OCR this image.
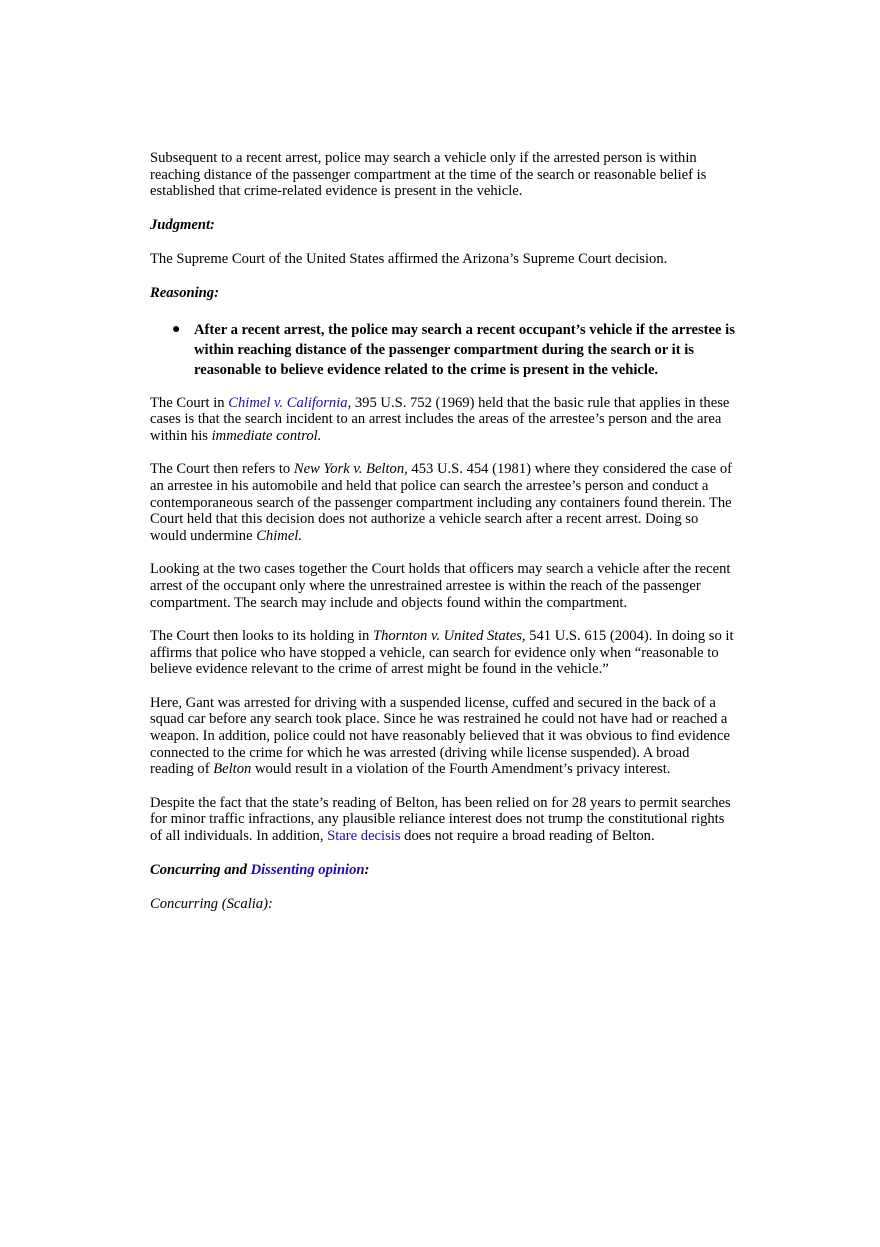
Subsequent to a recent arrest, police may search a vehicle only if the arrested person is within reaching distance of the passenger compartment at the time of the search or reasonable belief is established that crime-related evidence is present in the vehicle.

Judgment:

The Supreme Court of the United States affirmed the Arizona’s Supreme Court decision.

Reasoning:

● After a recent arrest, the police may search a recent occupant’s vehicle if the arrestee is within reaching distance of the passenger compartment during the search or it is reasonable to believe evidence related to the crime is present in the vehicle.

The Court in Chimel v. California, 395 U.S. 752 (1969) held that the basic rule that applies in these cases is that the search incident to an arrest includes the areas of the arrestee’s person and the area within his immediate control.

The Court then refers to New York v. Belton, 453 U.S. 454 (1981) where they considered the case of an arrestee in his automobile and held that police can search the arrestee’s person and conduct a contemporaneous search of the passenger compartment including any containers found therein. The Court held that this decision does not authorize a vehicle search after a recent arrest. Doing so would undermine Chimel.

Looking at the two cases together the Court holds that officers may search a vehicle after the recent arrest of the occupant only where the unrestrained arrestee is within the reach of the passenger compartment. The search may include and objects found within the compartment.

The Court then looks to its holding in Thornton v. United States, 541 U.S. 615 (2004). In doing so it affirms that police who have stopped a vehicle, can search for evidence only when “reasonable to believe evidence relevant to the crime of arrest might be found in the vehicle.”

Here, Gant was arrested for driving with a suspended license, cuffed and secured in the back of a squad car before any search took place. Since he was restrained he could not have had or reached a weapon. In addition, police could not have reasonably believed that it was obvious to find evidence connected to the crime for which he was arrested (driving while license suspended). A broad reading of Belton would result in a violation of the Fourth Amendment’s privacy interest.

Despite the fact that the state’s reading of Belton, has been relied on for 28 years to permit searches for minor traffic infractions, any plausible reliance interest does not trump the constitutional rights of all individuals. In addition, Stare decisis does not require a broad reading of Belton.

Concurring and Dissenting opinion:

Concurring (Scalia):
